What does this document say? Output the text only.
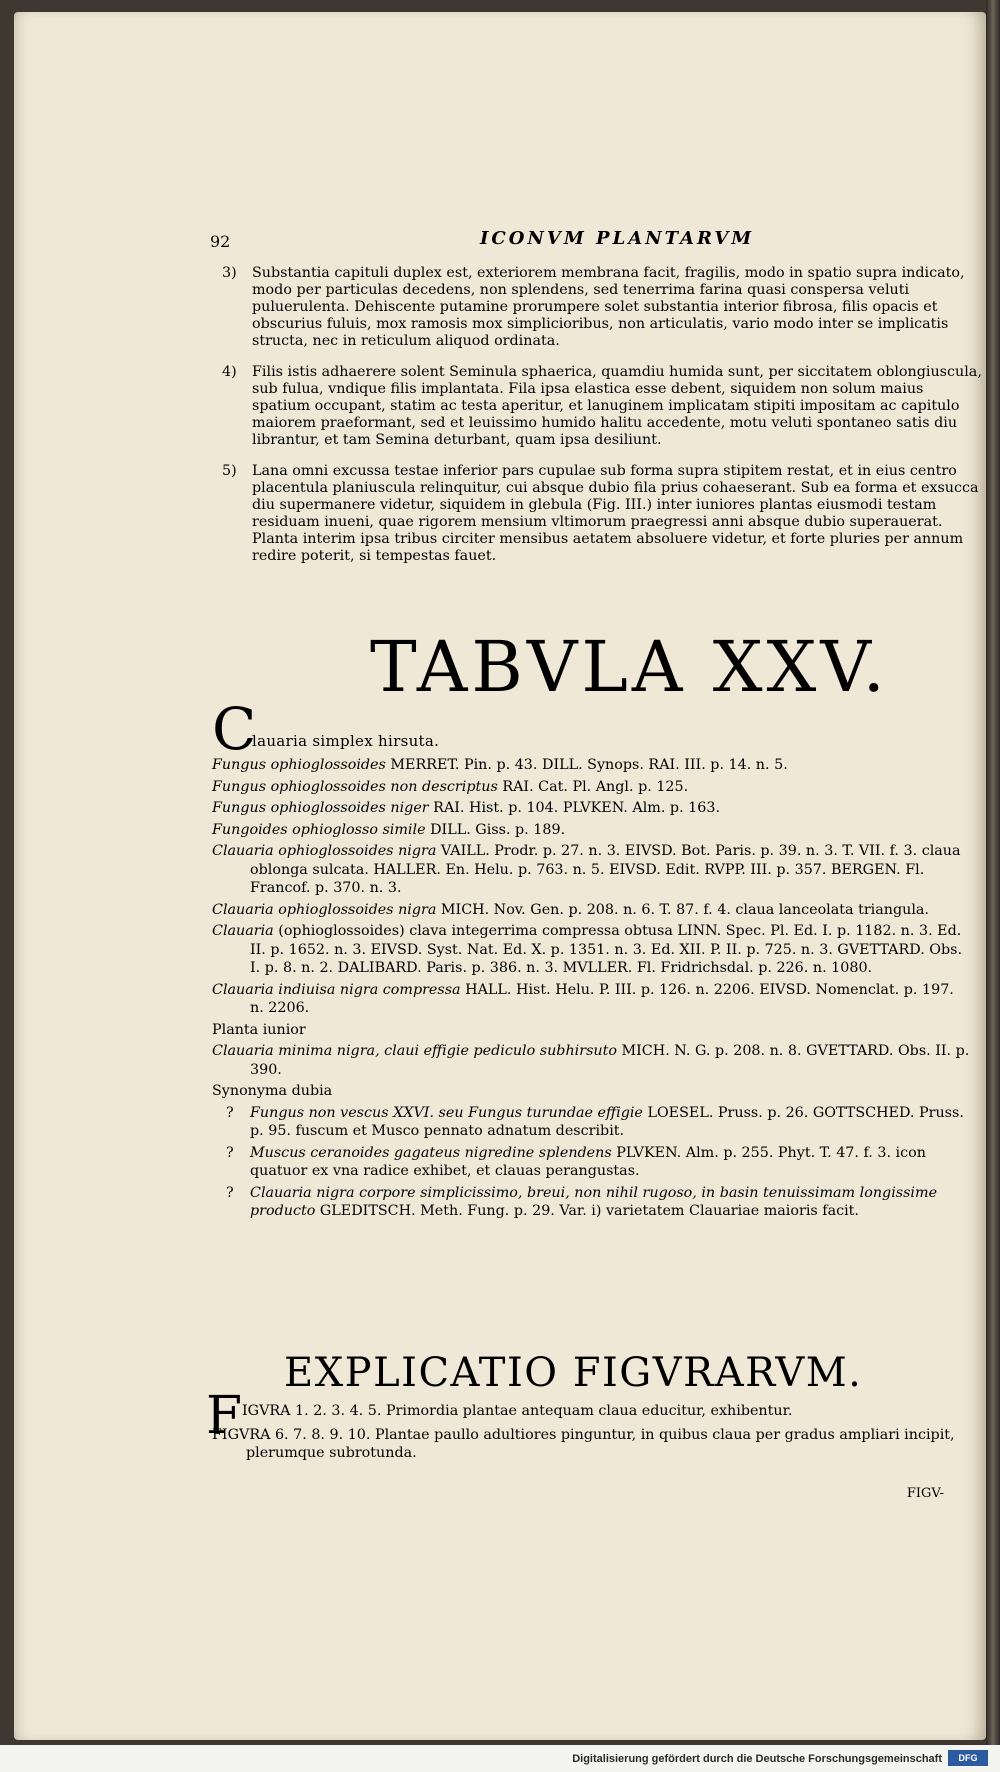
92	ICONVM PLANTARVM
3) Substantia capituli duplex est, exteriorem membrana facit, fragilis, modo in spatio supra indicato, modo per particulas decedens, non splendens, sed tenerrima farina quasi conspersa veluti puluerulenta. Dehiscente putamine prorumpere solet substantia interior fibrosa, filis opacis et obscurius fuluis, mox ramosis mox simplicioribus, non articulatis, vario modo inter se implicatis structa, nec in reticulum aliquod ordinata.
4) Filis istis adhaerere solent Seminula sphaerica, quamdiu humida sunt, per siccitatem oblongiuscula, sub fulua, vndique filis implantata. Fila ipsa elastica esse debent, siquidem non solum maius spatium occupant, statim ac testa aperitur, et lanuginem implicatam stipiti impositam ac capitulo maiorem praeformant, sed et leuissimo humido halitu accedente, motu veluti spontaneo satis diu librantur, et tam Semina deturbant, quam ipsa desiliunt.
5) Lana omni excussa testae inferior pars cupulae sub forma supra stipitem restat, et in eius centro placentula planiuscula relinquitur, cui absque dubio fila prius cohaeserant. Sub ea forma et exsucca diu supermanere videtur, siquidem in glebula (Fig. III.) inter iuniores plantas eiusmodi testam residuam inueni, quae rigorem mensium vltimorum praegressi anni absque dubio superauerat. Planta interim ipsa tribus circiter mensibus aetatem absoluere videtur, et forte pluries per annum redire poterit, si tempestas fauet.
TABVLA XXV.
C
lauaria simplex hirsuta.
Fungus ophioglossoides MERRET. Pin. p. 43. DILL. Synops. RAI. III. p. 14. n. 5.
Fungus ophioglossoides non descriptus RAI. Cat. Pl. Angl. p. 125.
Fungus ophioglossoides niger RAI. Hist. p. 104. PLVKEN. Alm. p. 163.
Fungoides ophioglosso simile DILL. Giss. p. 189.
Clauaria ophioglossoides nigra VAILL. Prodr. p. 27. n. 3. EIVSD. Bot. Paris. p. 39. n. 3. T. VII. f. 3. claua oblonga sulcata. HALLER. En. Helu. p. 763. n. 5. EIVSD. Edit. RVPP. III. p. 357. BERGEN. Fl. Francof. p. 370. n. 3.
Clauaria ophioglossoides nigra MICH. Nov. Gen. p. 208. n. 6. T. 87. f. 4. claua lanceolata triangula.
Clauaria (ophioglossoides) clava integerrima compressa obtusa LINN. Spec. Pl. Ed. I. p. 1182. n. 3. Ed. II. p. 1652. n. 3. EIVSD. Syst. Nat. Ed. X. p. 1351. n. 3. Ed. XII. P. II. p. 725. n. 3. GVETTARD. Obs. I. p. 8. n. 2. DALIBARD. Paris. p. 386. n. 3. MVLLER. Fl. Fridrichsdal. p. 226. n. 1080.
Clauaria indiuisa nigra compressa HALL. Hist. Helu. P. III. p. 126. n. 2206. EIVSD. Nomenclat. p. 197. n. 2206.
Planta iunior
Clauaria minima nigra, claui effigie pediculo subhirsuto MICH. N. G. p. 208. n. 8. GVETTARD. Obs. II. p. 390.
Synonyma dubia
? Fungus non vescus XXVI. seu Fungus turundae effigie LOESEL. Pruss. p. 26. GOTTSCHED. Pruss. p. 95. fuscum et Musco pennato adnatum describit.
? Muscus ceranoides gagateus nigredine splendens PLVKEN. Alm. p. 255. Phyt. T. 47. f. 3. icon quatuor ex vna radice exhibet, et clauas perangustas.
? Clauaria nigra corpore simplicissimo, breui, non nihil rugoso, in basin tenuissimam longissime producto GLEDITSCH. Meth. Fung. p. 29. Var. i) varietatem Clauariae maioris facit.
EXPLICATIO FIGVRARVM.
F IGVRA 1. 2. 3. 4. 5. Primordia plantae antequam claua educitur, exhibentur.
FIGVRA 6. 7. 8. 9. 10. Plantae paullo adultiores pinguntur, in quibus claua per gradus ampliari incipit, plerumque subrotunda.
FIGV-
Digitalisierung gefördert durch die Deutsche Forschungsgemeinschaft	DFG
